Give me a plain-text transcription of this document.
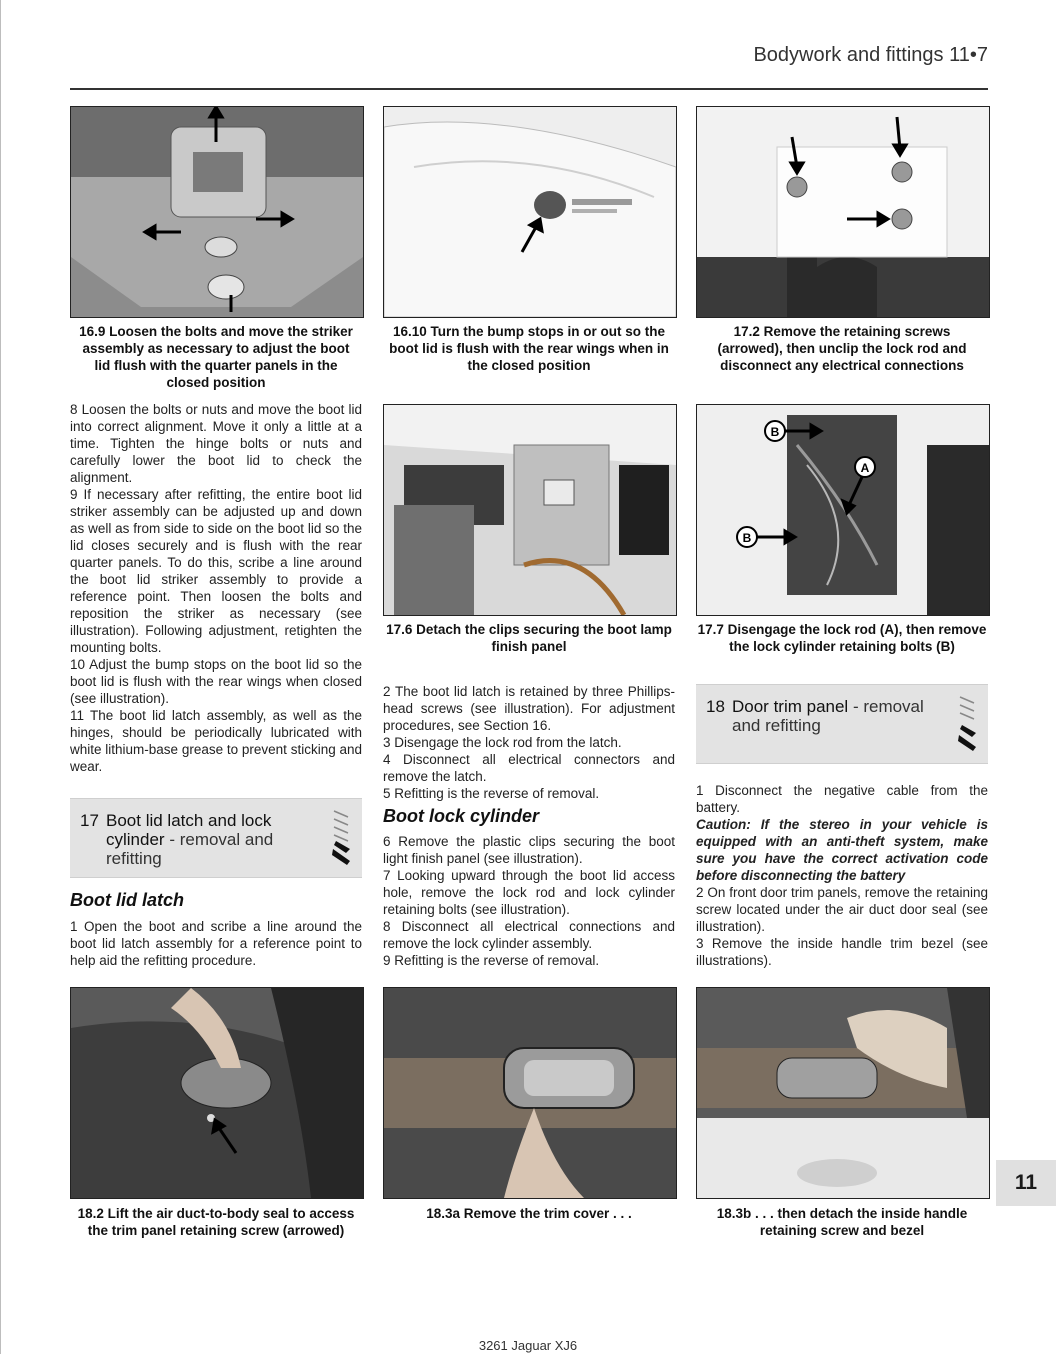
Bodywork and fittings 11•7
16.9 Loosen the bolts and move the striker assembly as necessary to adjust the boot lid flush with the quarter panels in the closed position
16.10 Turn the bump stops in or out so the boot lid is flush with the rear wings when in the closed position
17.2 Remove the retaining screws (arrowed), then unclip the lock rod and disconnect any electrical connections

8 Loosen the bolts or nuts and move the boot lid into correct alignment. Move it only a little at a time. Tighten the hinge bolts or nuts and carefully lower the boot lid to check the alignment.

9 If necessary after refitting, the entire boot lid striker assembly can be adjusted up and down as well as from side to side on the boot lid so the lid closes securely and is flush with the rear quarter panels. To do this, scribe a line around the boot lid striker assembly to provide a reference point. Then loosen the bolts and reposition the striker as necessary (see illustration). Following adjustment, retighten the mounting bolts.

10 Adjust the bump stops on the boot lid so the boot lid is flush with the rear wings when closed (see illustration).

11 The boot lid latch assembly, as well as the hinges, should be periodically lubricated with white lithium-base grease to prevent sticking and wear.

17 Boot lid latch and lock cylinder - removal and refitting
Boot lid latch

1 Open the boot and scribe a line around the boot lid latch assembly for a reference point to help aid the refitting procedure.

B
A
B
17.6 Detach the clips securing the boot lamp finish panel
17.7 Disengage the lock rod (A), then remove the lock cylinder retaining bolts (B)

2 The boot lid latch is retained by three Phillips-head screws (see illustration). For adjustment procedures, see Section 16.

3 Disengage the lock rod from the latch.

4 Disconnect all electrical connectors and remove the latch.

5 Refitting is the reverse of removal.

Boot lock cylinder

6 Remove the plastic clips securing the boot light finish panel (see illustration).

7 Looking upward through the boot lid access hole, remove the lock rod and lock cylinder retaining bolts (see illustration).

8 Disconnect all electrical connections and remove the lock cylinder assembly.

9 Refitting is the reverse of removal.

18 Door trim panel - removal and refitting

1 Disconnect the negative cable from the battery.

Caution: If the stereo in your vehicle is equipped with an anti-theft system, make sure you have the correct activation code before disconnecting the battery

2 On front door trim panels, remove the retaining screw located under the air duct door seal (see illustration).

3 Remove the inside handle trim bezel (see illustrations).

18.2 Lift the air duct-to-body seal to access the trim panel retaining screw (arrowed)
18.3a Remove the trim cover . . .	18.3b . . . then detach the inside handle retaining screw and bezel
11
3261 Jaguar XJ6
